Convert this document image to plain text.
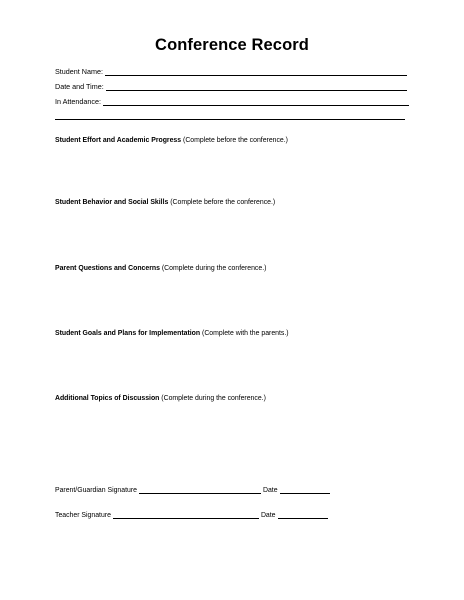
Conference Record
Student Name:
Date and Time:
In Attendance:
Student Effort and Academic Progress (Complete before the conference.)
Student Behavior and Social Skills (Complete before the conference.)
Parent Questions and Concerns (Complete during the conference.)
Student Goals and Plans for Implementation (Complete with the parents.)
Additional Topics of Discussion (Complete during the conference.)
Parent/Guardian Signature	Date
Teacher Signature	Date
